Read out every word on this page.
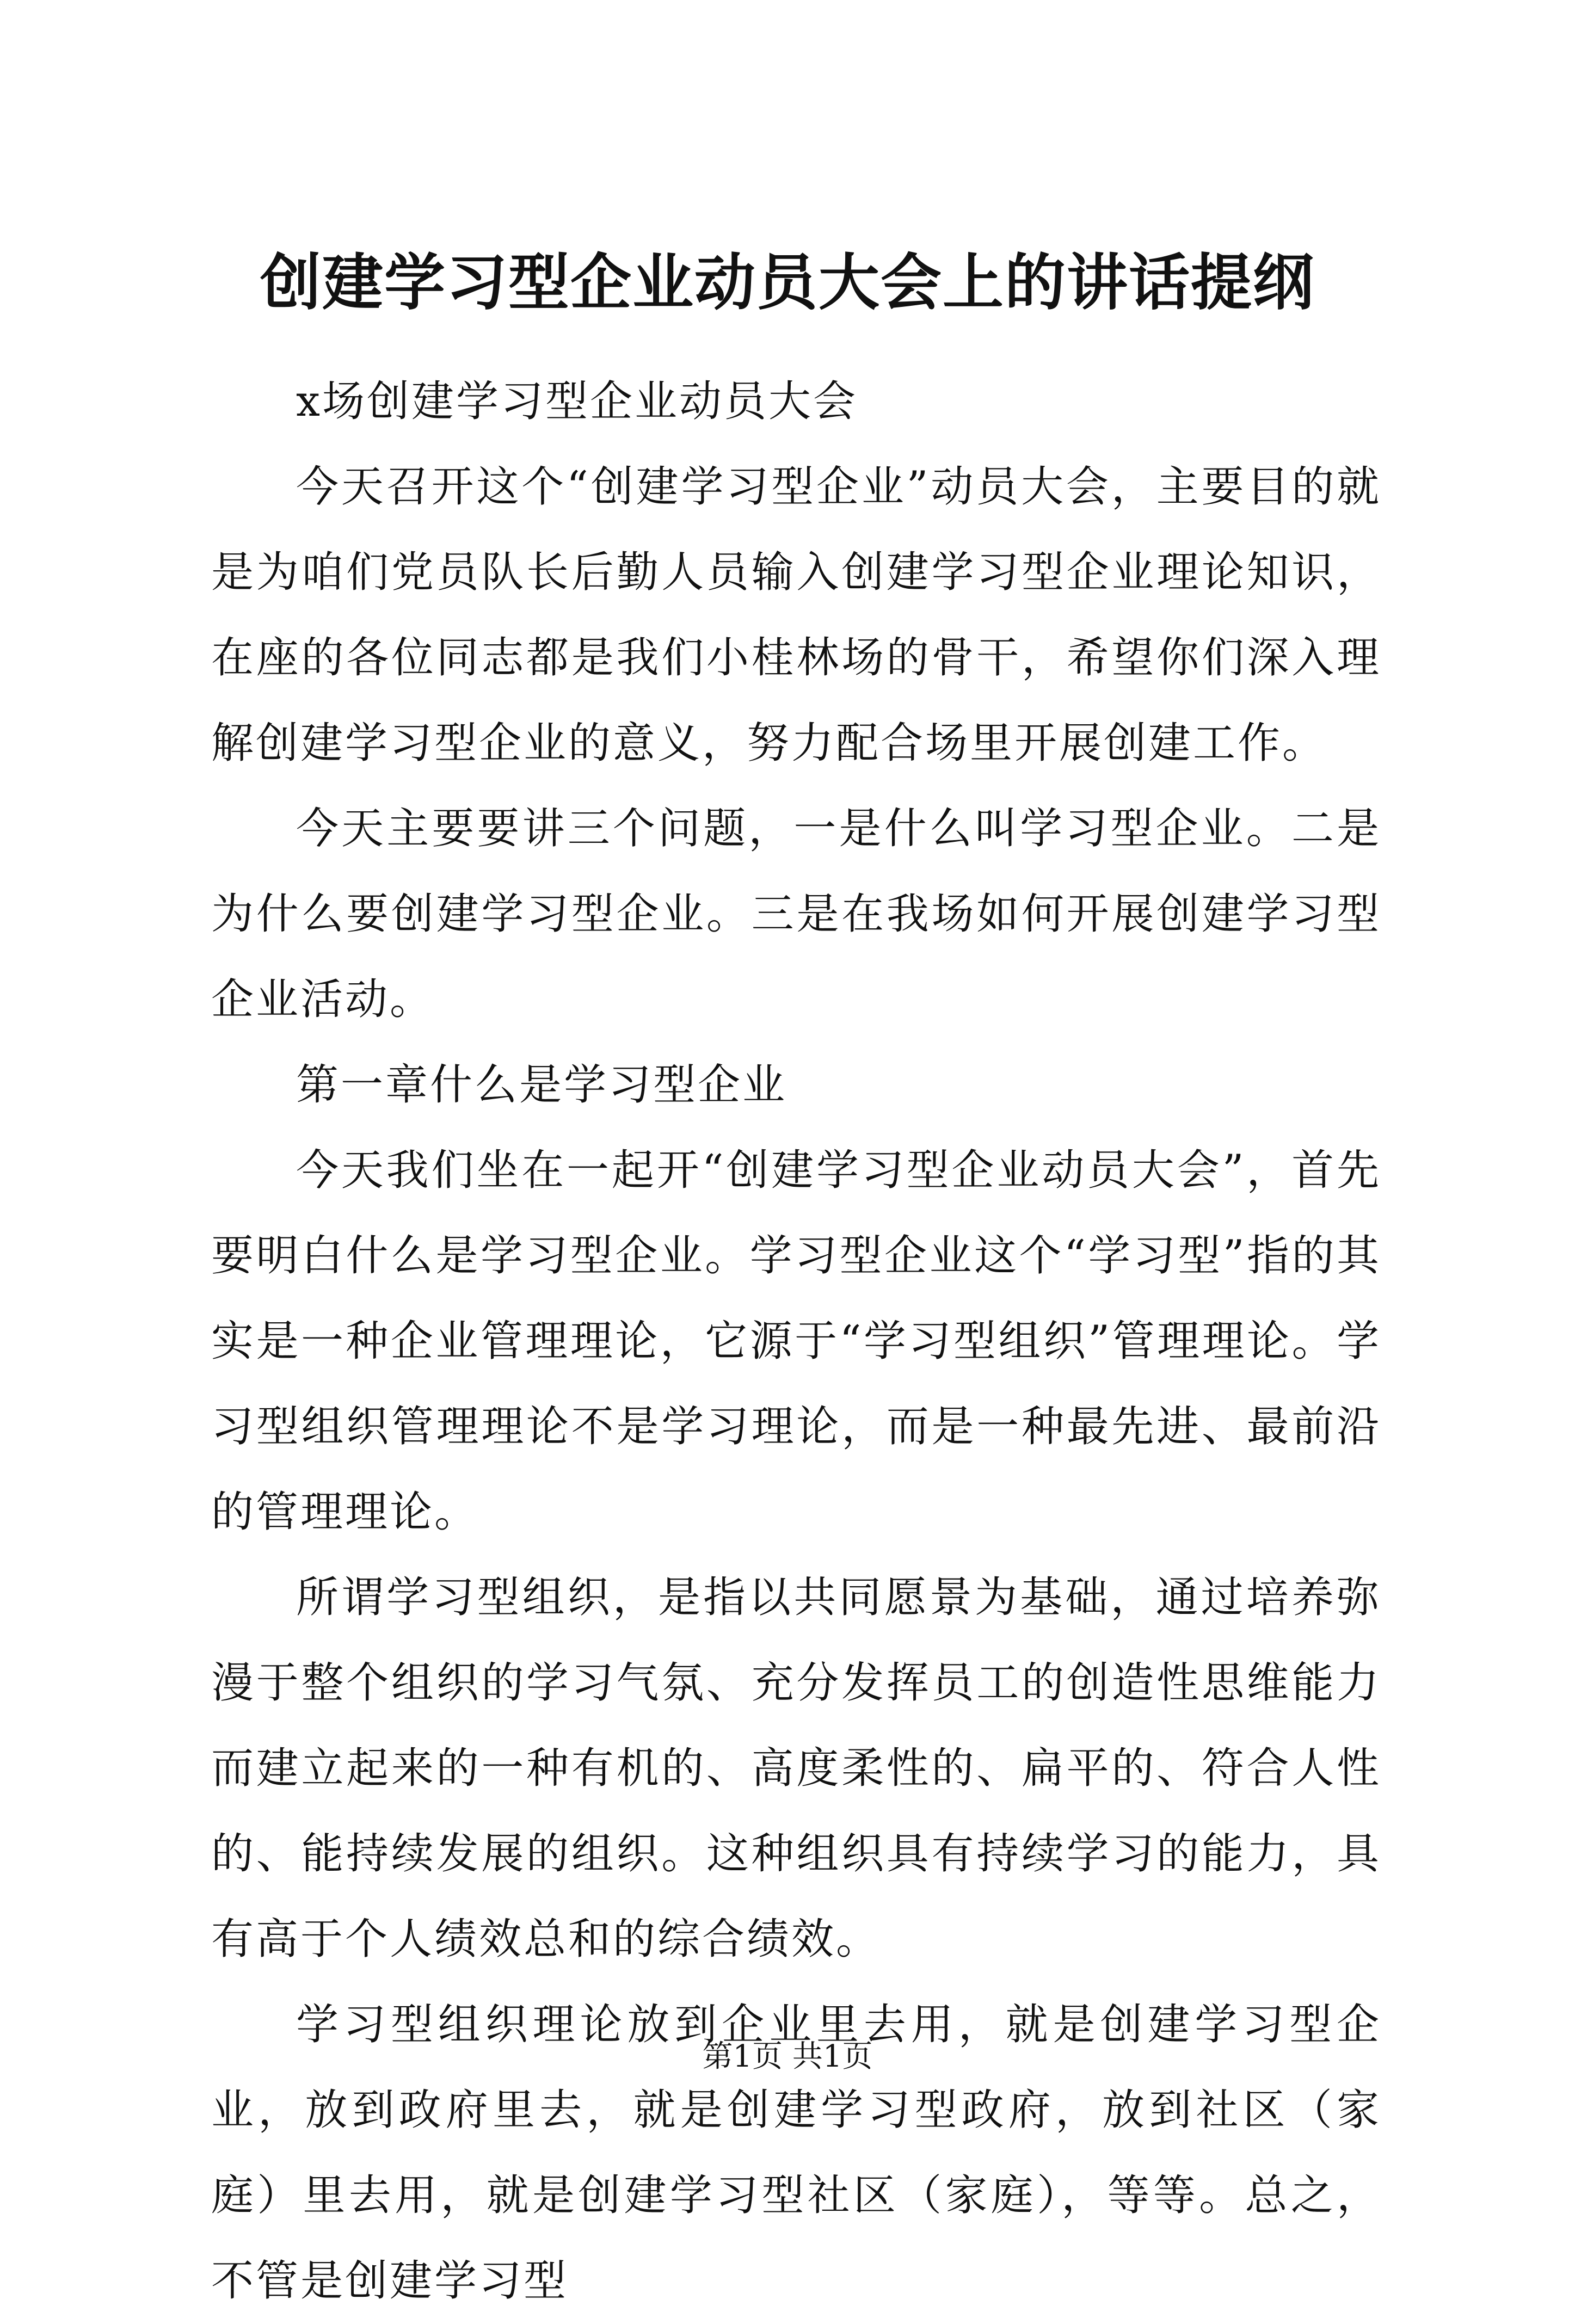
创建学习型企业动员大会上的讲话提纲

x场创建学习型企业动员大会

今天召开这个“创建学习型企业”动员大会，主要目的就是为咱们党员队长后勤人员输入创建学习型企业理论知识，在座的各位同志都是我们小桂林场的骨干，希望你们深入理解创建学习型企业的意义，努力配合场里开展创建工作。

今天主要要讲三个问题，一是什么叫学习型企业。二是为什么要创建学习型企业。三是在我场如何开展创建学习型企业活动。

第一章什么是学习型企业

今天我们坐在一起开“创建学习型企业动员大会”，首先要明白什么是学习型企业。学习型企业这个“学习型”指的其实是一种企业管理理论，它源于“学习型组织”管理理论。学习型组织管理理论不是学习理论，而是一种最先进、最前沿的管理理论。

所谓学习型组织，是指以共同愿景为基础，通过培养弥漫于整个组织的学习气氛、充分发挥员工的创造性思维能力而建立起来的一种有机的、高度柔性的、扁平的、符合人性的、能持续发展的组织。这种组织具有持续学习的能力，具有高于个人绩效总和的综合绩效。

学习型组织理论放到企业里去用，就是创建学习型企业，放到政府里去，就是创建学习型政府，放到社区（家庭）里去用，就是创建学习型社区（家庭），等等。总之，不管是创建学习型

第1页 共1页
